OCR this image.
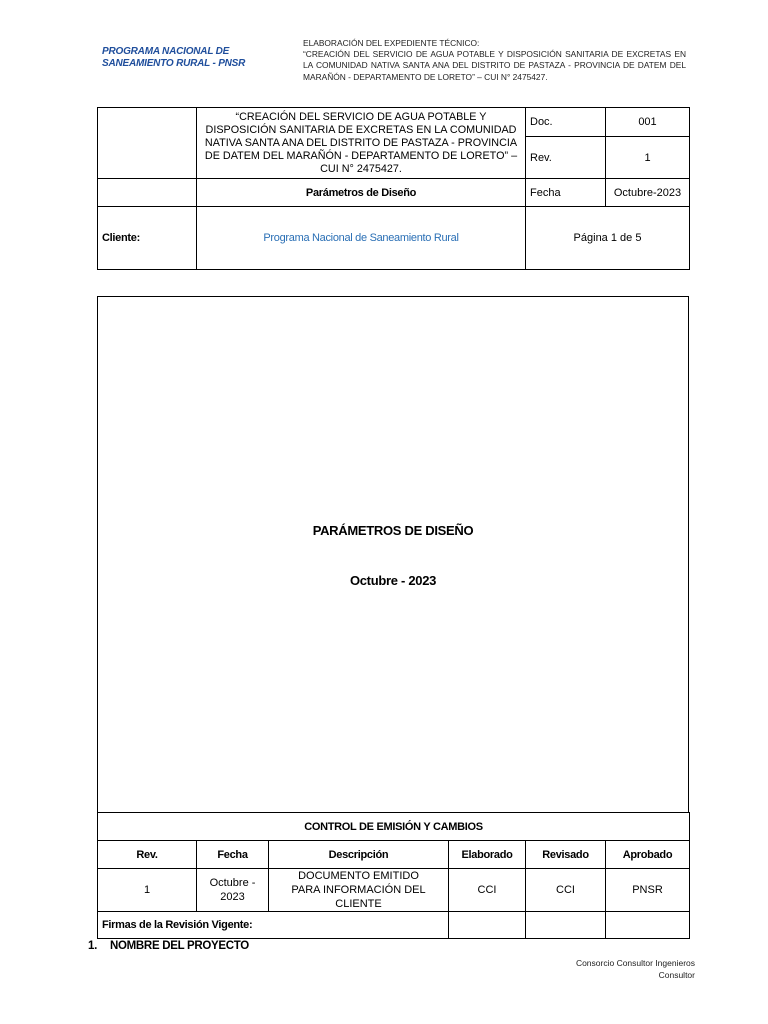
PROGRAMA NACIONAL DE SANEAMIENTO RURAL - PNSR
ELABORACIÓN DEL EXPEDIENTE TÉCNICO:
“CREACIÓN DEL SERVICIO DE AGUA POTABLE Y DISPOSICIÓN SANITARIA DE EXCRETAS EN LA COMUNIDAD NATIVA SANTA ANA DEL DISTRITO DE PASTAZA - PROVINCIA DE DATEM DEL MARAÑÓN - DEPARTAMENTO DE LORETO” – CUI N° 2475427.
	“CREACIÓN DEL SERVICIO DE AGUA POTABLE Y DISPOSICIÓN SANITARIA DE EXCRETAS EN LA COMUNIDAD NATIVA SANTA ANA DEL DISTRITO DE PASTAZA - PROVINCIA DE DATEM DEL MARAÑÓN - DEPARTAMENTO DE LORETO” – CUI N° 2475427.	Doc.	001
		Rev.	1
	Parámetros de Diseño	Fecha	Octubre-2023
Cliente:	Programa Nacional de Saneamiento Rural	Página 1 de 5	
PARÁMETROS DE DISEÑO
Octubre - 2023
CONTROL DE EMISIÓN Y CAMBIOS					
Rev.	Fecha	Descripción	Elaborado	Revisado	Aprobado
1	Octubre - 2023	DOCUMENTO EMITIDO PARA INFORMACIÓN DEL CLIENTE	CCI	CCI	PNSR
Firmas de la Revisión Vigente:					
1. NOMBRE DEL PROYECTO
Consorcio Consultor Ingenieros
Consultor
